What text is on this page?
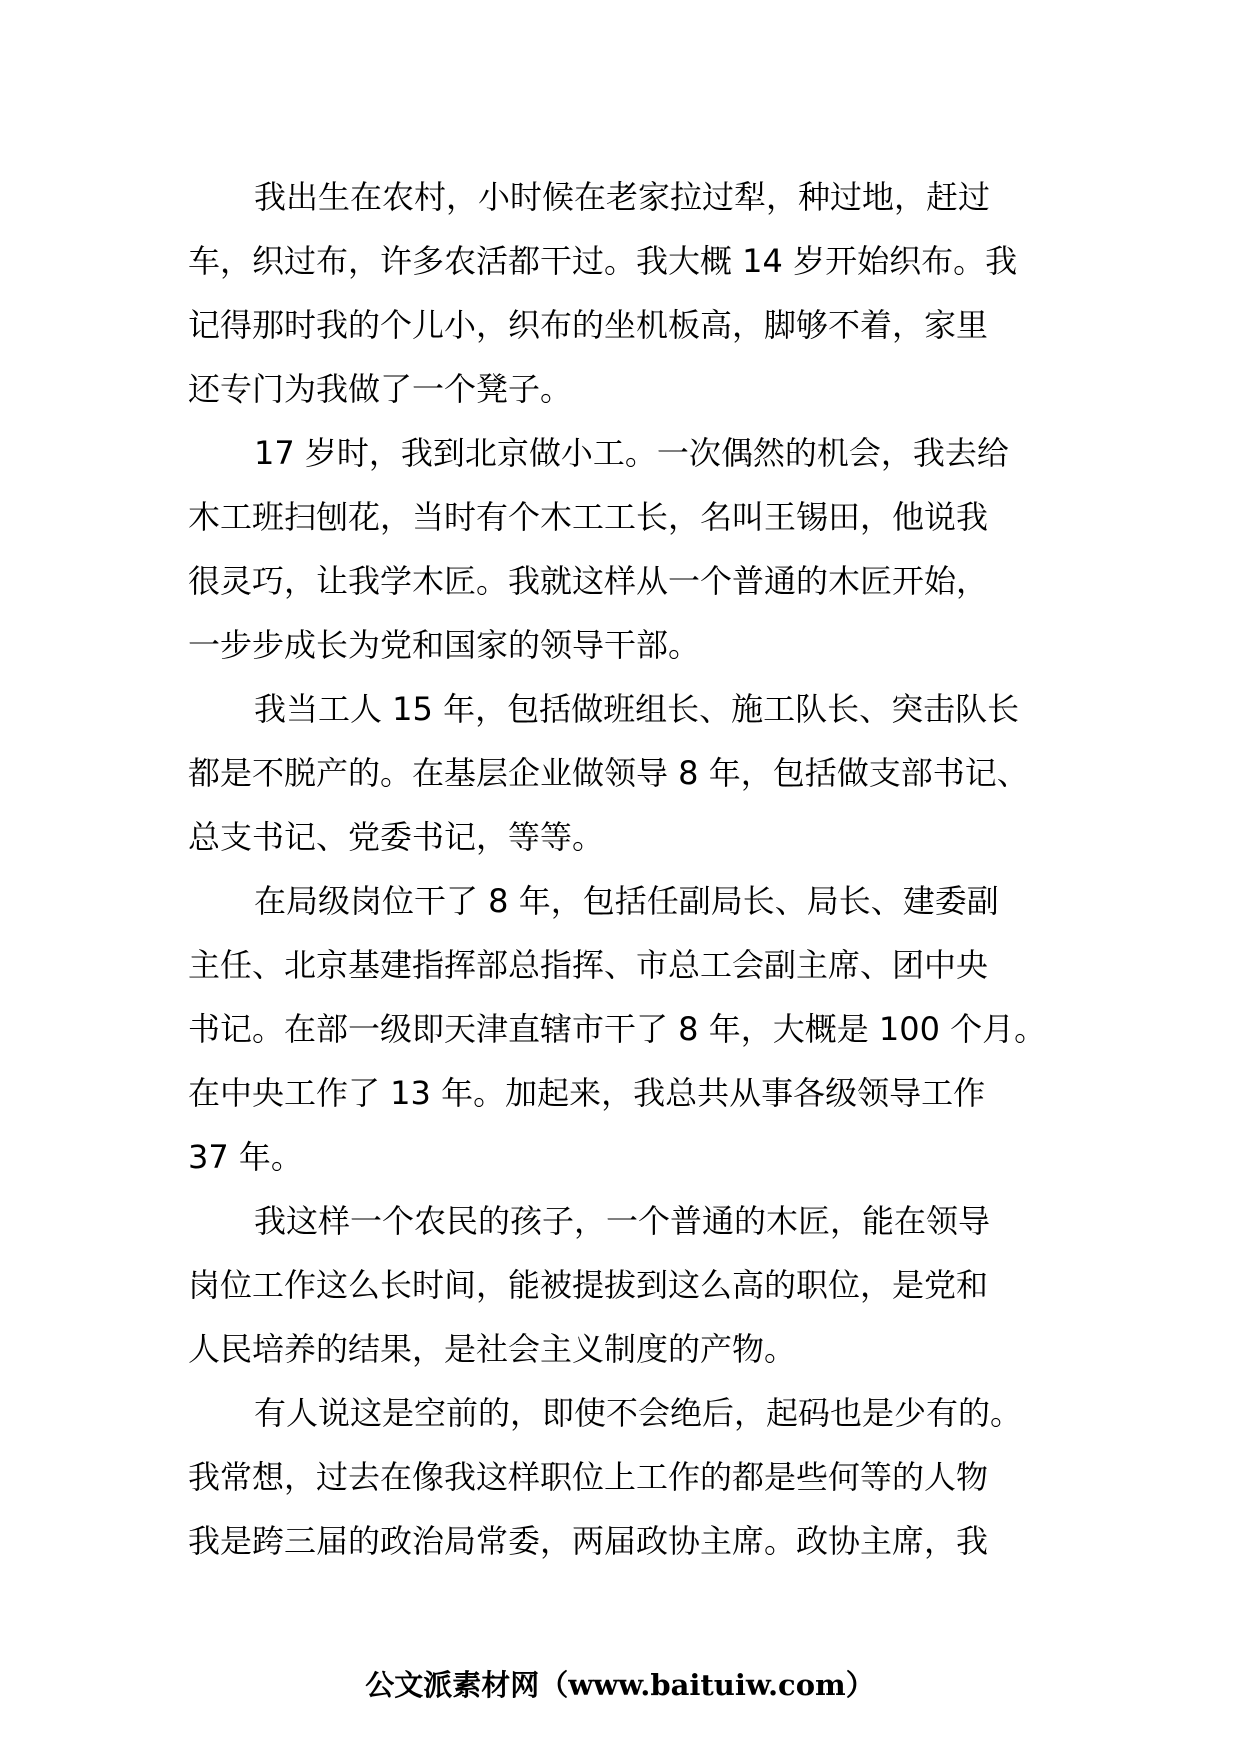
我出生在农村，小时候在老家拉过犁，种过地，赶过
车，织过布，许多农活都干过。我大概 14 岁开始织布。我
记得那时我的个儿小，织布的坐机板高，脚够不着，家里
还专门为我做了一个凳子。
17 岁时，我到北京做小工。一次偶然的机会，我去给
木工班扫刨花，当时有个木工工长，名叫王锡田，他说我
很灵巧，让我学木匠。我就这样从一个普通的木匠开始，
一步步成长为党和国家的领导干部。
我当工人 15 年，包括做班组长、施工队长、突击队长
都是不脱产的。在基层企业做领导 8 年，包括做支部书记、
总支书记、党委书记，等等。
在局级岗位干了 8 年，包括任副局长、局长、建委副
主任、北京基建指挥部总指挥、市总工会副主席、团中央
书记。在部一级即天津直辖市干了 8 年，大概是 100 个月。
在中央工作了 13 年。加起来，我总共从事各级领导工作
37 年。
我这样一个农民的孩子，一个普通的木匠，能在领导
岗位工作这么长时间，能被提拔到这么高的职位，是党和
人民培养的结果，是社会主义制度的产物。
有人说这是空前的，即使不会绝后，起码也是少有的。
我常想，过去在像我这样职位上工作的都是些何等的人物
我是跨三届的政治局常委，两届政协主席。政协主席，我
公文派素材网（www.baituiw.com）
